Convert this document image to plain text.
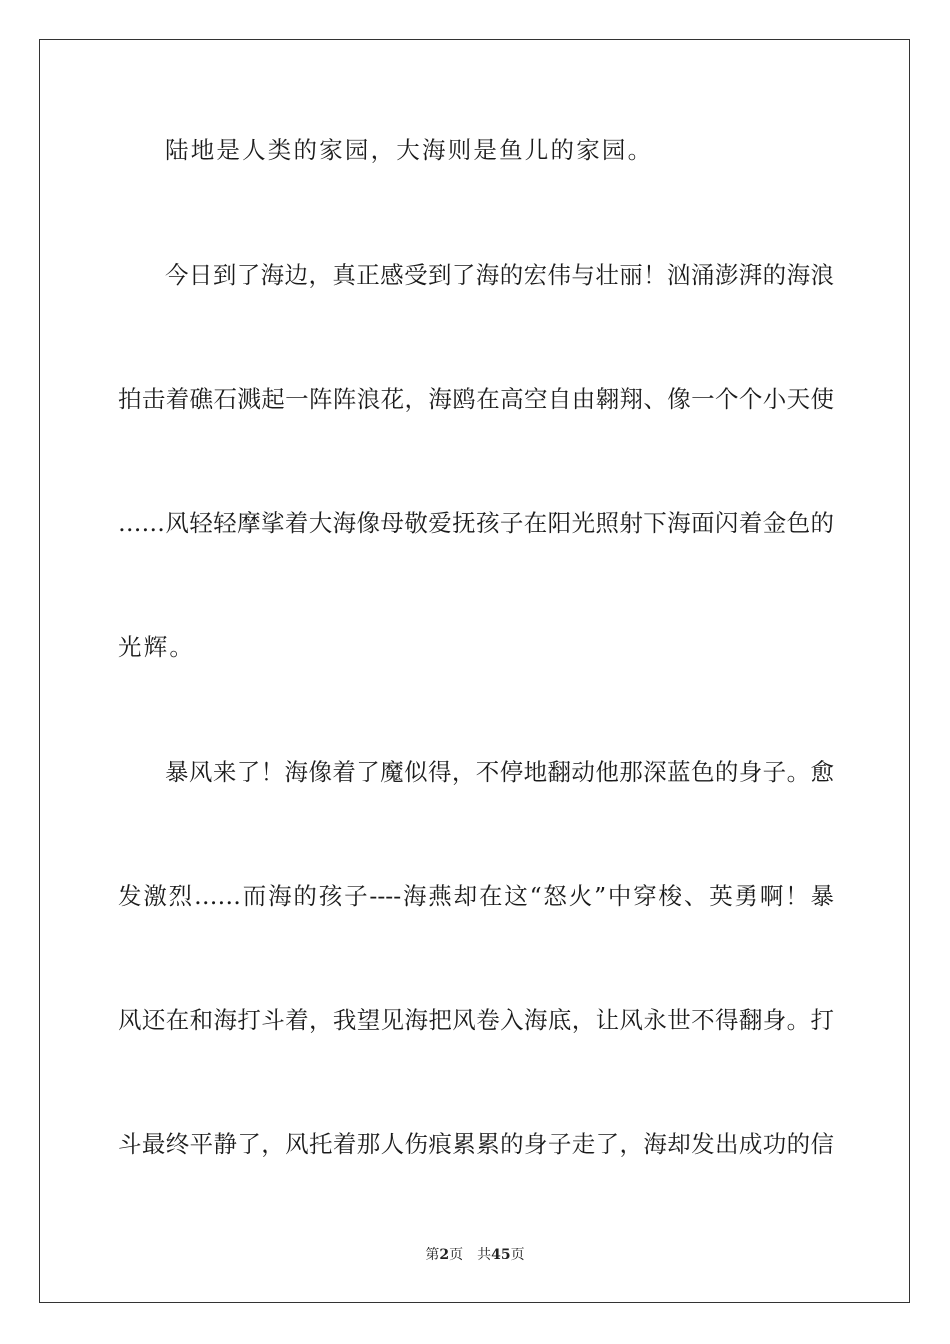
陆地是人类的家园，大海则是鱼儿的家园。
今日到了海边，真正感受到了海的宏伟与壮丽！汹涌澎湃的海浪
拍击着礁石溅起一阵阵浪花，海鸥在高空自由翱翔、像一个个小天使
……风轻轻摩挲着大海像母敬爱抚孩子在阳光照射下海面闪着金色的
光辉。
暴风来了！海像着了魔似得，不停地翻动他那深蓝色的身子。愈
发激烈……而海的孩子----海燕却在这“怒火”中穿梭、英勇啊！暴
风还在和海打斗着，我望见海把风卷入海底，让风永世不得翻身。打
斗最终平静了，风托着那人伤痕累累的身子走了，海却发出成功的信
第2页 共45页
